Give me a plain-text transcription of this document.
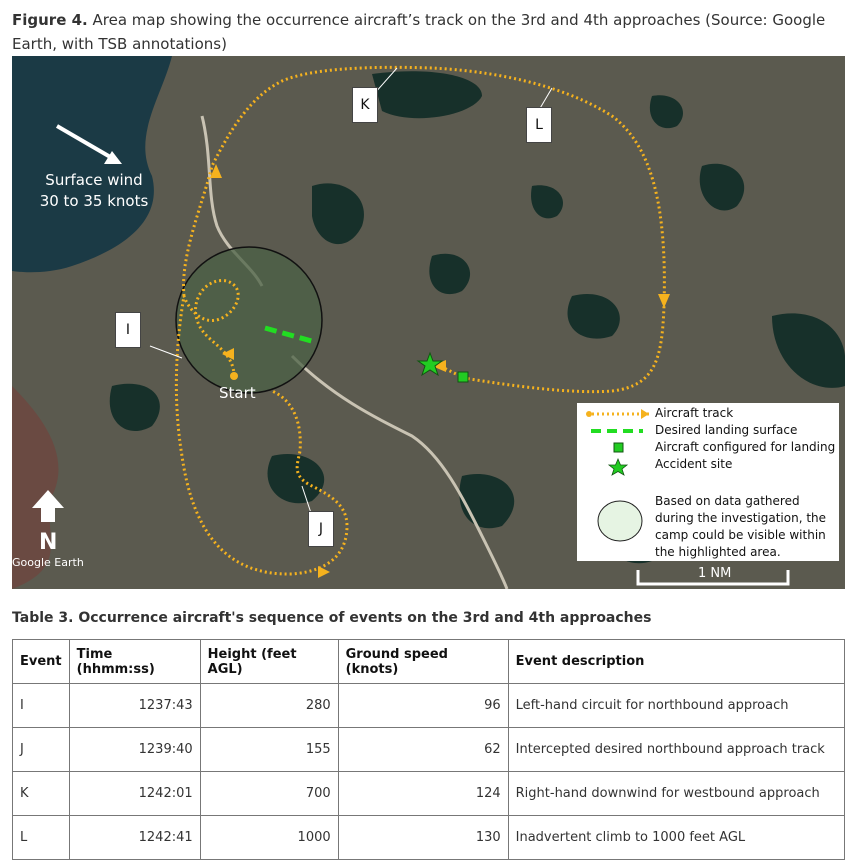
Figure 4. Area map showing the occurrence aircraft’s track on the 3rd and 4th approaches (Source: Google Earth, with TSB annotations)
Surface wind
30 to 35 knots
I
J
K
L
Start
N
Google Earth
1 NM
Aircraft track
Desired landing surface
Aircraft configured for landing
Accident site
Based on data gathered during the investigation, the camp could be visible within the highlighted area.
Table 3. Occurrence aircraft's sequence of events on the 3rd and 4th approaches
Event	Time (hhmm:ss)	Height (feet AGL)	Ground speed (knots)	Event description
I	1237:43	280	96	Left-hand circuit for northbound approach
J	1239:40	155	62	Intercepted desired northbound approach track
K	1242:01	700	124	Right-hand downwind for westbound approach
L	1242:41	1000	130	Inadvertent climb to 1000 feet AGL
